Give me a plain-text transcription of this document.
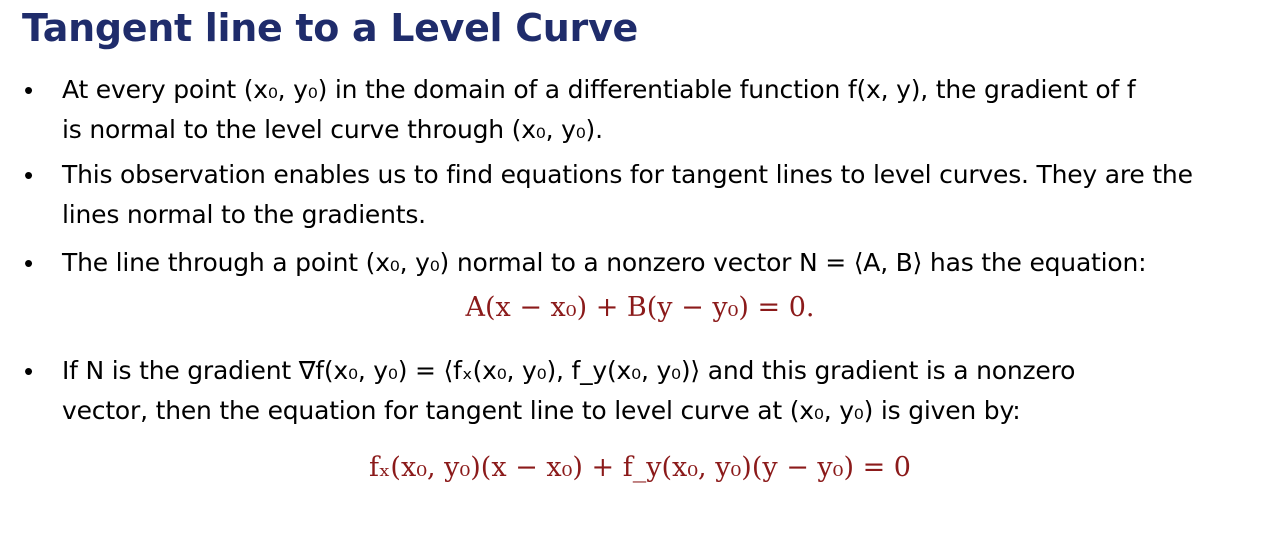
Tangent line to a Level Curve
• At every point (x₀, y₀) in the domain of a differentiable function f(x, y), the gradient of f
is normal to the level curve through (x₀, y₀).
• This observation enables us to find equations for tangent lines to level curves. They are the
lines normal to the gradients.
• The line through a point (x₀, y₀) normal to a nonzero vector N = ⟨A, B⟩ has the equation:
A(x − x₀) + B(y − y₀) = 0.
• If N is the gradient ∇f(x₀, y₀) = ⟨fₓ(x₀, y₀), f_y(x₀, y₀)⟩ and this gradient is a nonzero
vector, then the equation for tangent line to level curve at (x₀, y₀) is given by:
fₓ(x₀, y₀)(x − x₀) + f_y(x₀, y₀)(y − y₀) = 0
